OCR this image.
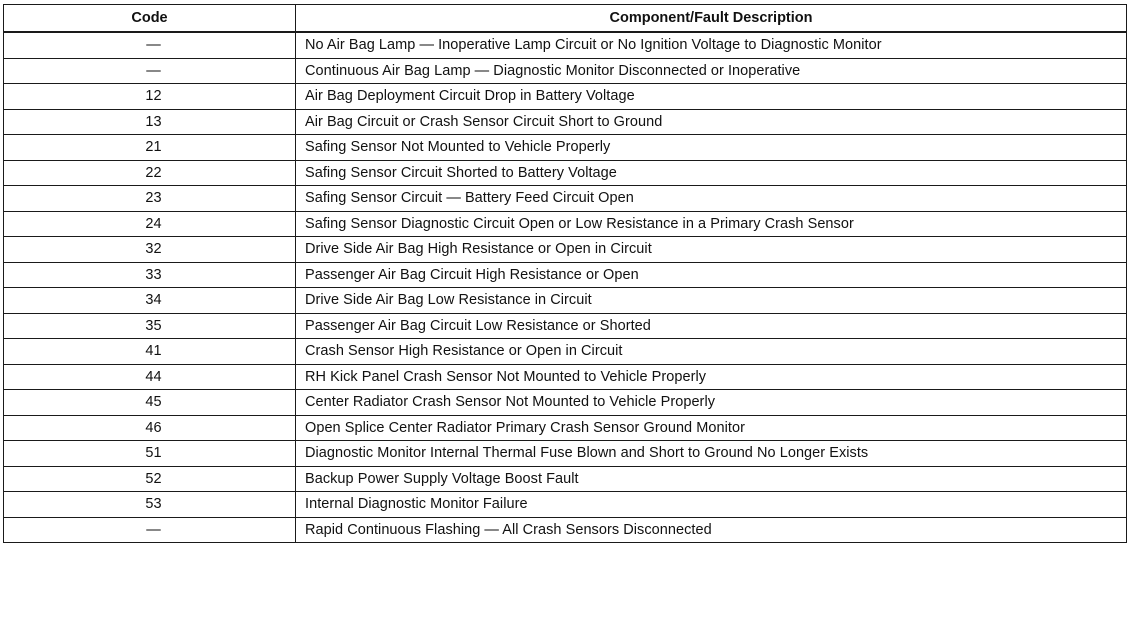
Code	Component/Fault Description
—	No Air Bag Lamp — Inoperative Lamp Circuit or No Ignition Voltage to Diagnostic Monitor
—	Continuous Air Bag Lamp — Diagnostic Monitor Disconnected or Inoperative
12	Air Bag Deployment Circuit Drop in Battery Voltage
13	Air Bag Circuit or Crash Sensor Circuit Short to Ground
21	Safing Sensor Not Mounted to Vehicle Properly
22	Safing Sensor Circuit Shorted to Battery Voltage
23	Safing Sensor Circuit — Battery Feed Circuit Open
24	Safing Sensor Diagnostic Circuit Open or Low Resistance in a Primary Crash Sensor
32	Drive Side Air Bag High Resistance or Open in Circuit
33	Passenger Air Bag Circuit High Resistance or Open
34	Drive Side Air Bag Low Resistance in Circuit
35	Passenger Air Bag Circuit Low Resistance or Shorted
41	Crash Sensor High Resistance or Open in Circuit
44	RH Kick Panel Crash Sensor Not Mounted to Vehicle Properly
45	Center Radiator Crash Sensor Not Mounted to Vehicle Properly
46	Open Splice Center Radiator Primary Crash Sensor Ground Monitor
51	Diagnostic Monitor Internal Thermal Fuse Blown and Short to Ground No Longer Exists
52	Backup Power Supply Voltage Boost Fault
53	Internal Diagnostic Monitor Failure
—	Rapid Continuous Flashing — All Crash Sensors Disconnected
